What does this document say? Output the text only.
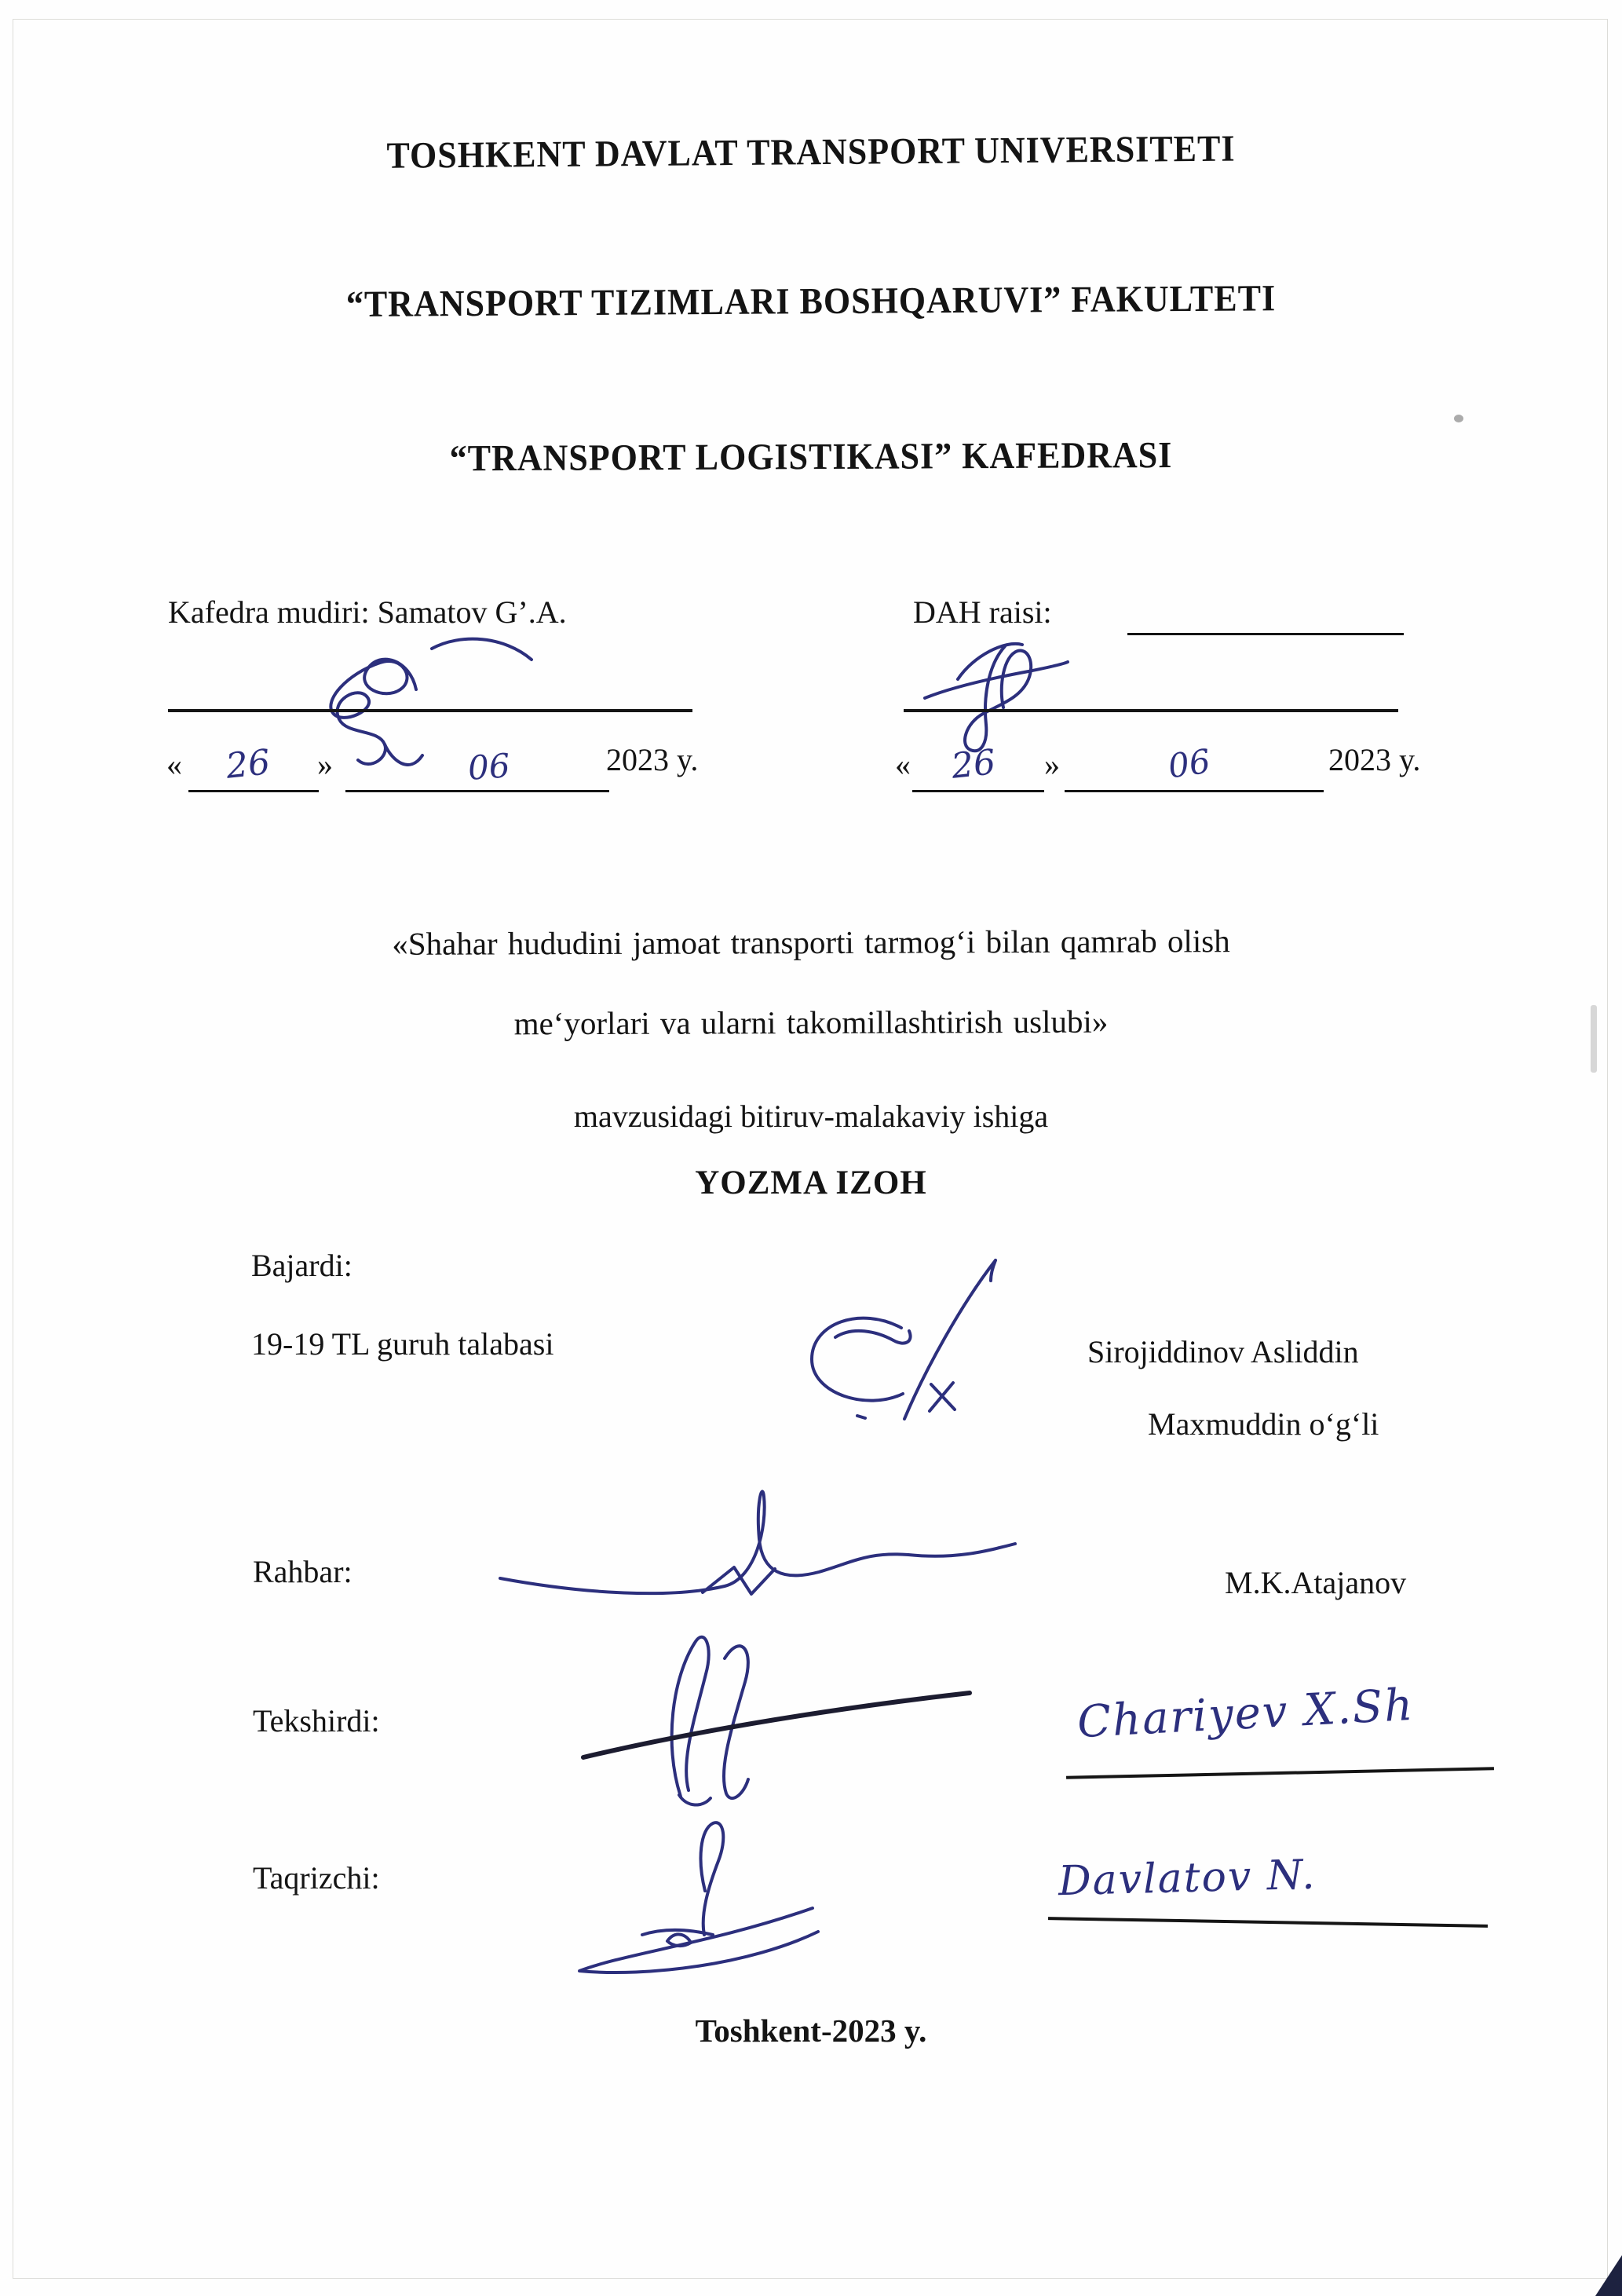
TOSHKENT DAVLAT TRANSPORT UNIVERSITETI
“TRANSPORT TIZIMLARI BOSHQARUVI” FAKULTETI
“TRANSPORT LOGISTIKASI” KAFEDRASI
Kafedra mudiri: Samatov G’.A.	DAH raisi:
« 26 »	06	2023 y.	« 26 »	06	2023 y.
«Shahar hududini jamoat transporti tarmog‘i bilan qamrab olish
me‘yorlari va ularni takomillashtirish uslubi»
mavzusidagi bitiruv-malakaviy ishiga
YOZMA IZOH
Bajardi:
19-19 TL guruh talabasi	Sirojiddinov Asliddin
Maxmuddin o‘g‘li
Rahbar:	M.K.Atajanov
Tekshirdi:	Chariyev X.Sh
Taqrizchi:	Davlatov N.
Toshkent-2023 y.
